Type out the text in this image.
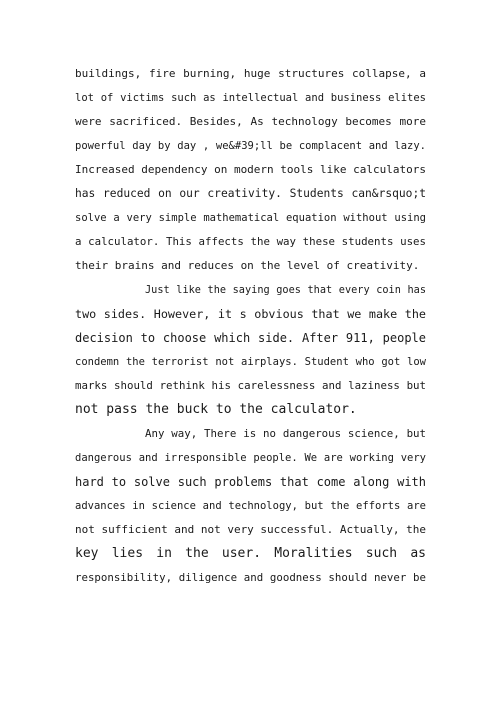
buildings, fire burning, huge structures collapse, a
lot of victims such as intellectual and business elites
were sacrificed. Besides, As technology becomes more
powerful day by day , we&#39;ll be complacent and lazy.
Increased dependency on modern tools like calculators
has reduced on our creativity. Students can&rsquo;t
solve a very simple mathematical equation without using
a calculator. This affects the way these students uses
their brains and reduces on the level of creativity.
Just like the saying goes that every coin has
two sides. However, it s obvious that we make the
decision to choose which side. After 911, people
condemn the terrorist not airplays. Student who got low
marks should rethink his carelessness and laziness but
not pass the buck to the calculator.
Any way, There is no dangerous science, but
dangerous and irresponsible people. We are working very
hard to solve such problems that come along with
advances in science and technology, but the efforts are
not sufficient and not very successful. Actually, the
key lies in the user. Moralities such as
responsibility, diligence and goodness should never be
